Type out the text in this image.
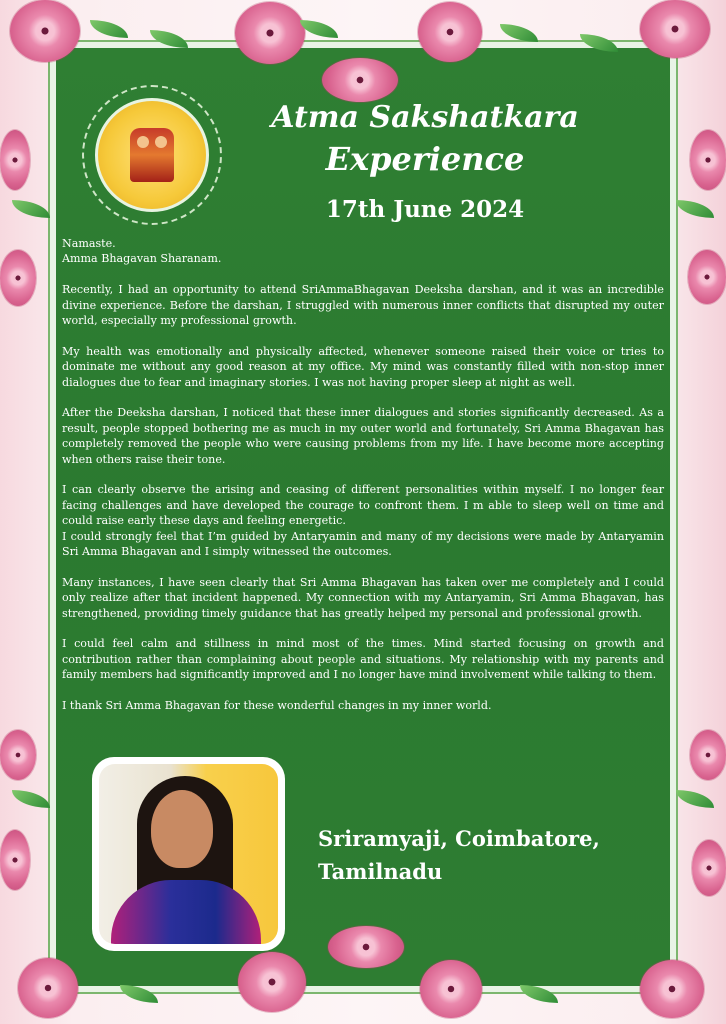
Atma Sakshatkara
Experience
17th June 2024

Namaste.

Amma Bhagavan Sharanam.

Recently, I had an opportunity to attend SriAmmaBhagavan Deeksha darshan, and it was an incredible divine experience. Before the darshan, I struggled with numerous inner conflicts that disrupted my outer world, especially my professional growth.

My health was emotionally and physically affected, whenever someone raised their voice or tries to dominate me without any good reason at my office. My mind was constantly filled with non-stop inner dialogues due to fear and imaginary stories. I was not having proper sleep at night as well.

After the Deeksha darshan, I noticed that these inner dialogues and stories significantly decreased. As a result, people stopped bothering me as much in my outer world and fortunately, Sri Amma Bhagavan has completely removed the people who were causing problems from my life. I have become more accepting when others raise their tone.

I can clearly observe the arising and ceasing of different personalities within myself. I no longer fear facing challenges and have developed the courage to confront them. I m able to sleep well on time and could raise early these days and feeling energetic.

I could strongly feel that I’m guided by Antaryamin and many of my decisions were made by Antaryamin Sri Amma Bhagavan and I simply witnessed the outcomes.

Many instances, I have seen clearly that Sri Amma Bhagavan has taken over me completely and I could only realize after that incident happened. My connection with my Antaryamin, Sri Amma Bhagavan, has strengthened, providing timely guidance that has greatly helped my personal and professional growth.

I could feel calm and stillness in mind most of the times. Mind started focusing on growth and contribution rather than complaining about people and situations. My relationship with my parents and family members had significantly improved and I no longer have mind involvement while talking to them.

I thank Sri Amma Bhagavan for these wonderful changes in my inner world.

Sriramyaji, Coimbatore,
Tamilnadu
